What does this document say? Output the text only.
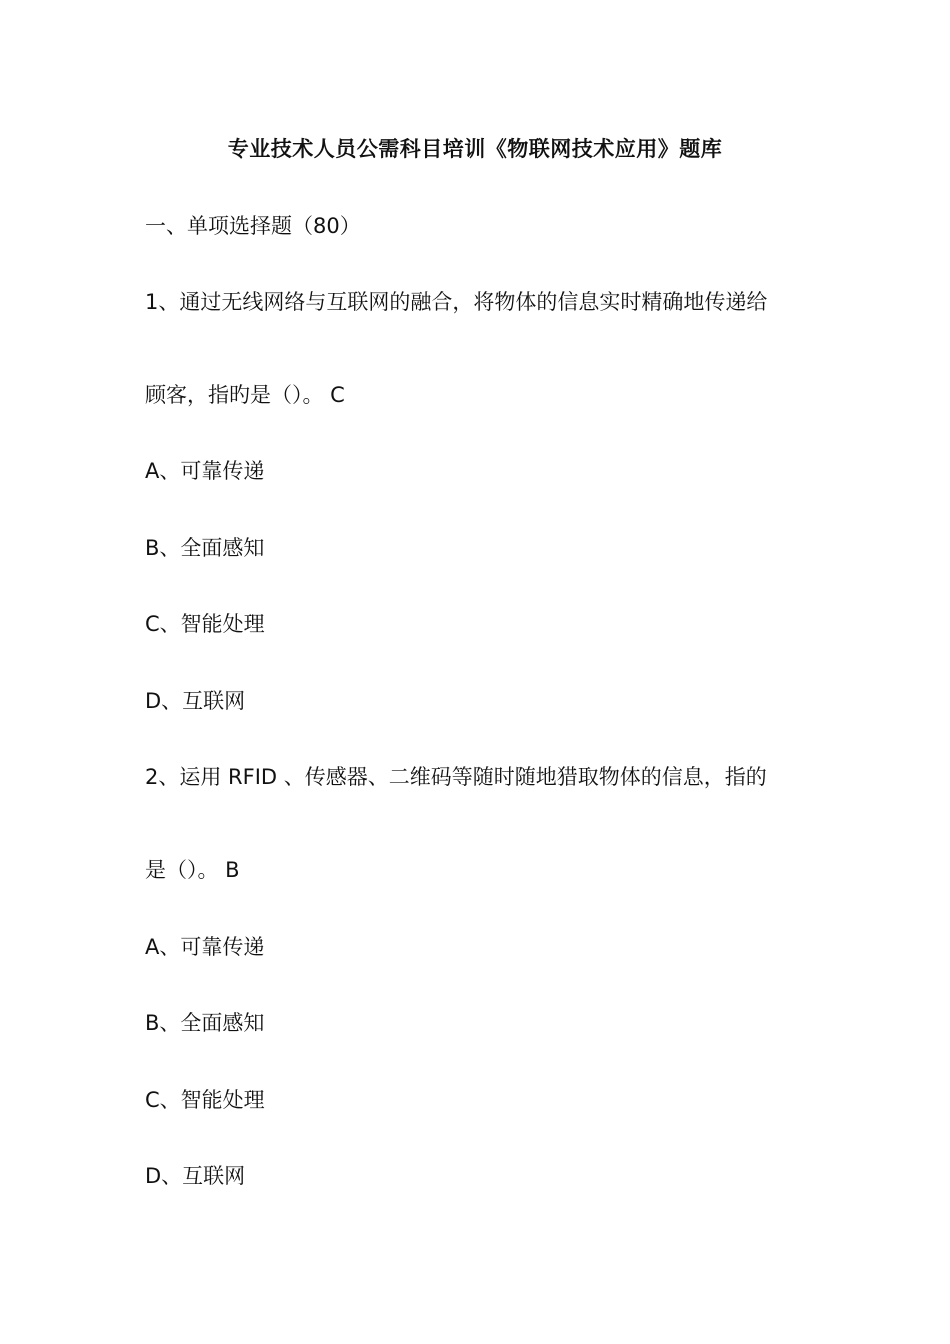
专业技术人员公需科目培训《物联网技术应用》题库
一、单项选择题（80）
1、通过无线网络与互联网的融合，将物体的信息实时精确地传递给
顾客，指旳是（）。 C
A、可靠传递
B、全面感知
C、智能处理
D、互联网
2、运用 RFID 、传感器、二维码等随时随地猎取物体的信息，指的
是（）。 B
A、可靠传递
B、全面感知
C、智能处理
D、互联网
